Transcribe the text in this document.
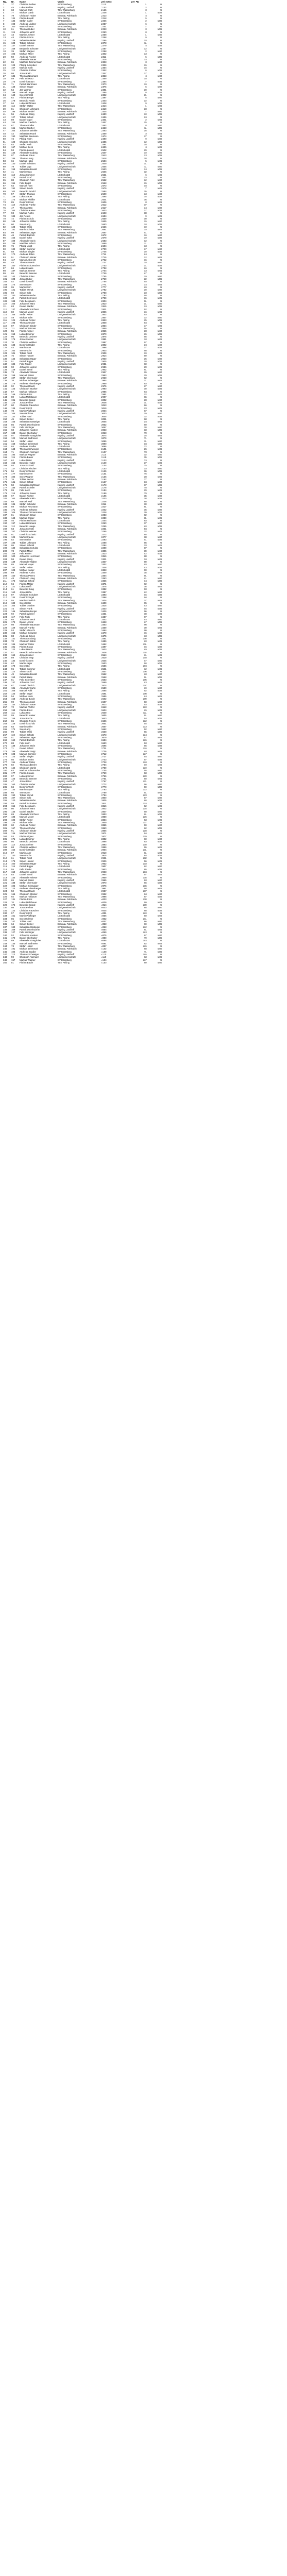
Rg.	Nr.	Name	Verein	Zeit netto	Zeit AK	
1	37	Christian Fellner	SV Ebersberg	2112	1	M
2	45	Lukas Pichler	Kapfing Lauftreff	2142	2	M
3	68	Manuel Kraft	TSV Wasserburg	2165	3	M
4	77	Michael Gaab	LG Eichstätt	2208	1	M35
5	79	Christoph Huber	Braunau Rohrbach	2213	4	M
6	134	Florian Brandl	TSV Peiting	2218	5	M
7	136	Stefan Gailer	SV Ebersberg	2226	2	M35
8	198	Andreas Lindner	Laufgemeinschaft	2237	6	M
9	100	Max Hofmann	SV Ebersberg	2241	7	M
10	61	Thomas Huber	Braunau Rohrbach	2243	3	M35
11	119	Johannes Wolf	SV Ebersberg	2250	8	M
12	43	Martin Lechner	LG Eichstätt	2258	1	M40
13	44	Florian Simon	TSV Peiting	2258	9	M
14	126	Sebastian Maier	Kapfing Lauftreff	2266	10	M
15	108	Tobias Schmid	SV Ebersberg	2273	11	M
16	147	Daniel Krämer	TSV Wasserburg	2279	4	M35
17	169	Benjamin Schuster	Laufgemeinschaft	2287	12	M
18	39	Stefan Wagner	SV Ebersberg	2298	2	M40
19	105	Michael Meier	TSV Peiting	2302	13	M
20	50	Andreas Fischer	LG Eichstätt	2311	5	M35
21	183	Alexander Bauer	SV Ebersberg	2318	14	M
22	86	Matthias Zimmermann	Braunau Rohrbach	2323	3	M40
23	123	Philipp Schreiber	TSV Wasserburg	2329	15	M
24	157	Markus Koch	Kapfing Lauftreff	2334	16	M
25	112	Christian Richter	SV Ebersberg	2342	6	M35
26	98	Jonas Klein	Laufgemeinschaft	2347	17	M
27	135	Thomas Neumann	TSV Peiting	2353	4	M40
28	59	Felix Schwarz	LG Eichstätt	2359	18	M
29	173	Dominik Braun	SV Ebersberg	2364	7	M35
30	71	Patrick Hartmann	TSV Wasserburg	2370	19	M
31	148	Simon Krüger	Braunau Rohrbach	2375	5	M40
32	54	Jan Werner	SV Ebersberg	2381	20	M
33	199	Manuel Lange	Kapfing Lauftreff	2386	8	M35
34	140	Sven Schmitt	Laufgemeinschaft	2392	21	M
35	62	Florian Berger	TSV Peiting	2397	6	M40
36	178	Benedikt Frank	SV Ebersberg	2403	22	M
37	94	Lukas Hoffmann	LG Eichstätt	2408	9	M35
38	114	Stefan Walter	TSV Wasserburg	2414	1	M45
39	81	Christoph Lehmann	SV Ebersberg	2419	23	M
40	196	Michael Seidel	Braunau Rohrbach	2425	7	M40
41	56	Andreas König	Kapfing Lauftreff	2430	10	M35
42	127	Tobias Schulz	Laufgemeinschaft	2436	24	M
43	89	Daniel Vogel	SV Ebersberg	2441	2	M45
44	152	Markus Friedrich	TSV Peiting	2447	25	M
45	67	Thomas Keller	LG Eichstätt	2452	8	M40
46	161	Martin Günther	SV Ebersberg	2458	11	M35
47	104	Johannes Winkler	TSV Wasserburg	2463	26	M
48	42	Sebastian Frank	Braunau Rohrbach	2469	3	M45
49	190	Matthias Baumann	SV Ebersberg	2474	27	M
50	74	Philipp Kühn	Kapfing Lauftreff	2480	9	M40
51	120	Christian Heinrich	Laufgemeinschaft	2485	12	M35
52	83	Stefan Roth	SV Ebersberg	2491	28	M
53	167	Michael Beck	TSV Peiting	2496	4	M45
54	53	Florian Lorenz	LG Eichstätt	2502	29	M
55	144	Alexander Ludwig	SV Ebersberg	2507	10	M40
56	97	Andreas Kraus	TSV Wasserburg	2513	13	M35
57	185	Thomas Jung	Braunau Rohrbach	2518	30	M
58	66	Markus Hahn	SV Ebersberg	2524	5	M45
59	130	Daniel Schubert	Kapfing Lauftreff	2529	31	M
60	79	Tobias Vogt	Laufgemeinschaft	2535	11	M40
61	158	Sebastian Brandt	SV Ebersberg	2540	14	M35
62	41	Martin Haas	TSV Peiting	2546	32	M
63	113	Jonas Sommer	LG Eichstätt	2551	6	M45
64	176	Patrick Graf	SV Ebersberg	2557	33	M
65	88	Christoph Pohl	TSV Wasserburg	2562	12	M40
66	151	Felix Engel	Braunau Rohrbach	2568	15	M35
67	64	Manuel Horn	SV Ebersberg	2573	34	M
68	192	Simon Busch	Kapfing Lauftreff	2579	7	M45
69	102	Benedikt Arnold	Laufgemeinschaft	2584	35	M
70	57	Stefan Thomas	SV Ebersberg	2590	13	M40
71	139	Lukas Sauer	TSV Peiting	2595	16	M35
72	172	Michael Pfeiffer	LG Eichstätt	2601	36	M
73	85	Dominik Ernst	SV Ebersberg	2606	8	M45
74	118	Andreas Franke	TSV Wasserburg	2612	37	M
75	47	Thomas Otto	Braunau Rohrbach	2617	14	M40
76	164	Christian Kaiser	SV Ebersberg	2623	17	M35
77	93	Markus Fuchs	Kapfing Lauftreff	2628	38	M
78	189	Jan Peters	Laufgemeinschaft	2634	9	M45
79	72	Florian Scholz	SV Ebersberg	2639	39	M
80	145	Johannes Möller	TSV Peiting	2645	15	M40
81	60	Sven Lang	LG Eichstätt	2650	18	M35
82	128	Tobias Weiß	SV Ebersberg	2656	40	M
83	181	Martin Schulte	TSV Wasserburg	2661	10	M45
84	99	Sebastian Jäger	Braunau Rohrbach	2667	41	M
85	46	Patrick Dietrich	SV Ebersberg	2672	16	M40
86	155	Daniel Kuhn	Kapfing Lauftreff	2678	19	M35
87	109	Alexander Stein	Laufgemeinschaft	2683	42	M
88	195	Matthias Schütz	SV Ebersberg	2689	11	M45
89	76	Philipp Voigt	TSV Peiting	2694	43	M
90	132	Stefan Sommer	LG Eichstätt	2700	17	M40
91	58	Michael Ziegler	SV Ebersberg	2705	20	M35
92	170	Andreas Böhm	TSV Wasserburg	2711	44	M
93	91	Christoph Winter	Braunau Rohrbach	2716	12	M45
94	117	Manuel Albrecht	SV Ebersberg	2722	45	M
95	48	Thomas Martin	Kapfing Lauftreff	2727	18	M40
96	160	Florian Schumacher	Laufgemeinschaft	2733	21	M35
97	84	Lukas Krause	SV Ebersberg	2738	46	M
98	187	Markus Zimmer	TSV Peiting	2744	13	M45
99	65	Benedikt Brenner	LG Eichstätt	2749	47	M
100	142	Christian Ritter	SV Ebersberg	2755	19	M40
101	103	Jonas Huber	TSV Wasserburg	2760	22	M35
102	52	Dominik Wolff	Braunau Rohrbach	2766	48	M
103	174	Sven Mayer	SV Ebersberg	2771	14	M45
104	95	Martin Kern	Kapfing Lauftreff	2777	49	M
105	121	Tobias Wendt	Laufgemeinschaft	2782	20	M40
106	69	Simon Kolb	SV Ebersberg	2788	23	M35
107	150	Sebastian Hofer	TSV Peiting	2793	50	M
108	40	Patrick Schreiner	LG Eichstätt	2799	15	M45
109	188	Felix Bergmann	SV Ebersberg	2804	51	M
110	106	Johannes Marx	TSV Wasserburg	2810	21	M40
111	63	Daniel Stadler	Braunau Rohrbach	2815	24	M35
112	137	Alexander Kirchner	SV Ebersberg	2821	52	M
113	82	Manuel Moser	Kapfing Lauftreff	2826	16	M45
114	166	Stefan Reiter	Laufgemeinschaft	2832	53	M
115	49	Michael Eder	SV Ebersberg	2837	22	M40
116	124	Andreas Pichler	TSV Peiting	2843	25	M35
117	193	Thomas Gruber	LG Eichstätt	2848	54	M
118	87	Christoph Binder	SV Ebersberg	2854	17	M45
119	111	Markus Wimmer	TSV Wasserburg	2859	55	M
120	55	Florian Aigner	Braunau Rohrbach	2865	23	M40
121	153	Lukas Brunner	SV Ebersberg	2870	26	M35
122	96	Benedikt Lechner	Kapfing Lauftreff	2876	56	M
123	179	Jonas Steiner	Laufgemeinschaft	2881	18	M45
124	70	Christian Wallner	SV Ebersberg	2887	57	M
125	133	Dominik Haider	TSV Peiting	2892	24	M40
126	44	Martin Auer	LG Eichstätt	2898	27	M35
127	162	Sven Fuchs	SV Ebersberg	2903	58	M
128	101	Tobias Riedl	TSV Wasserburg	2909	19	M45
129	75	Simon Hauser	Braunau Rohrbach	2914	59	M
130	146	Sebastian Hager	SV Ebersberg	2920	25	M40
131	51	Patrick Egger	Kapfing Lauftreff	2925	28	M35
132	184	Felix Rieder	Laufgemeinschaft	2931	60	M
133	90	Johannes Leitner	SV Ebersberg	2936	20	M45
134	129	Daniel Strobl	TSV Peiting	2942	61	M
135	73	Alexander Wieser	LG Eichstätt	2947	26	M40
136	159	Manuel Kaiser	SV Ebersberg	2953	29	M35
137	107	Stefan Obermaier	TSV Wasserburg	2958	62	M
138	38	Michael Schwaiger	Braunau Rohrbach	2964	21	M45
139	175	Andreas Hinterberger	SV Ebersberg	2969	63	M
140	92	Thomas Rauch	Kapfing Lauftreff	2975	27	M40
141	125	Christoph Stocker	Laufgemeinschaft	2980	30	M35
142	57	Markus Hofbauer	SV Ebersberg	2986	64	M
143	149	Florian Prinz	TSV Peiting	2991	22	M45
144	80	Lukas Mühlbauer	LG Eichstätt	2997	65	M
145	191	Benedikt Spiegl	SV Ebersberg	3002	28	M40
146	116	Jonas Fellner	TSV Wasserburg	3008	31	M35
147	60	Christian Rauscher	Braunau Rohrbach	3013	66	M
148	138	Dominik Ertl	SV Ebersberg	3019	23	M45
149	78	Martin Pfaffinger	Kapfing Lauftreff	3024	67	M
150	165	Sven Holzner	Laufgemeinschaft	3030	29	M40
151	110	Tobias Hartl	SV Ebersberg	3035	32	M35
152	45	Simon Bichler	TSV Peiting	3041	68	M
153	156	Sebastian Gasteiger	LG Eichstätt	3046	24	M45
154	86	Patrick Unterholzner	SV Ebersberg	3052	69	M
155	131	Felix Lindinger	TSV Wasserburg	3057	30	M40
156	68	Johannes Kastner	Braunau Rohrbach	3063	33	M35
157	180	Daniel Oberhuber	SV Ebersberg	3068	70	M
158	97	Alexander Ganghofer	Kapfing Lauftreff	3074	25	M45
159	122	Manuel Sedlmeier	Laufgemeinschaft	3079	71	M
160	54	Stefan Huber	SV Ebersberg	3085	31	M40
161	168	Michael Zehetmair	TSV Peiting	3090	34	M35
162	84	Andreas Straßer	LG Eichstätt	3096	72	M
163	143	Thomas Schweiger	SV Ebersberg	3101	26	M45
164	71	Christoph Anzinger	TSV Wasserburg	3107	73	M
165	194	Markus Wagner	Braunau Rohrbach	3112	32	M40
166	115	Florian Bauer	SV Ebersberg	3118	35	M35
167	62	Lukas Maier	Kapfing Lauftreff	3123	74	M
168	154	Benedikt Huber	Laufgemeinschaft	3129	27	M45
169	93	Jonas Schmid	SV Ebersberg	3134	75	M
170	127	Christian Fischer	TSV Peiting	3140	33	M40
171	56	Dominik Weber	LG Eichstätt	3145	36	M35
172	177	Martin Meyer	SV Ebersberg	3151	76	M
173	102	Sven Wagner	TSV Wasserburg	3156	28	M45
174	76	Tobias Becker	Braunau Rohrbach	3162	77	M
175	141	Simon Schulz	SV Ebersberg	3167	34	M40
176	50	Sebastian Hoffmann	Kapfing Lauftreff	3173	37	M35
177	186	Patrick Schäfer	Laufgemeinschaft	3178	78	M
178	99	Felix Koch	SV Ebersberg	3184	29	M45
179	118	Johannes Bauer	TSV Peiting	3189	79	M
180	67	Daniel Richter	LG Eichstätt	3195	35	M40
181	163	Alexander Klein	SV Ebersberg	3200	38	M35
182	88	Manuel Wolf	TSV Wasserburg	3206	80	M
183	135	Stefan Schröder	Braunau Rohrbach	3211	30	M45
184	59	Michael Neumann	SV Ebersberg	3217	81	M
185	171	Andreas Schwarz	Kapfing Lauftreff	3222	36	M40
186	105	Thomas Zimmermann	Laufgemeinschaft	3228	39	M35
187	81	Christoph Braun	SV Ebersberg	3233	82	M
188	148	Markus Krüger	TSV Peiting	3239	31	M45
189	46	Florian Hofmann	LG Eichstätt	3244	83	M
190	197	Lukas Hartmann	SV Ebersberg	3250	37	M40
191	112	Benedikt Lange	TSV Wasserburg	3255	40	M35
192	63	Jonas Schmitt	Braunau Rohrbach	3261	84	M
193	157	Christian Werner	SV Ebersberg	3266	32	M45
194	91	Dominik Schmitz	Kapfing Lauftreff	3272	85	M
195	124	Martin Krause	Laufgemeinschaft	3277	38	M40
196	52	Sven Meier	SV Ebersberg	3283	41	M35
197	182	Tobias Lehmann	TSV Peiting	3288	86	M
198	95	Simon Schmid	LG Eichstätt	3294	33	M45
199	130	Sebastian Schulze	SV Ebersberg	3299	87	M
200	73	Patrick Maier	TSV Wasserburg	3305	39	M40
201	166	Felix Köhler	Braunau Rohrbach	3310	42	M35
202	100	Johannes Herrmann	SV Ebersberg	3316	88	M
203	58	Daniel König	Kapfing Lauftreff	3321	34	M45
204	139	Alexander Walter	Laufgemeinschaft	3327	89	M
205	85	Manuel Mayer	SV Ebersberg	3332	40	M40
206	187	Stefan Huber	TSV Peiting	3338	43	M35
207	108	Michael Kaiser	LG Eichstätt	3343	90	M
208	69	Andreas Fuchs	SV Ebersberg	3349	35	M45
209	150	Thomas Peters	TSV Wasserburg	3354	91	M
210	48	Christoph Lang	Braunau Rohrbach	3360	41	M40
211	176	Markus Scholz	SV Ebersberg	3365	44	M35
212	94	Florian Möller	Kapfing Lauftreff	3371	92	M
213	121	Lukas Weiß	Laufgemeinschaft	3376	36	M45
214	61	Benedikt Jung	SV Ebersberg	3382	93	M
215	160	Jonas Hahn	TSV Peiting	3387	42	M40
216	87	Christian Schubert	LG Eichstätt	3393	45	M35
217	134	Dominik Vogel	SV Ebersberg	3398	94	M
218	55	Martin Friedrich	TSV Wasserburg	3404	37	M45
219	189	Sven Keller	Braunau Rohrbach	3409	95	M
220	104	Tobias Günther	SV Ebersberg	3415	43	M40
221	74	Simon Frank	Kapfing Lauftreff	3420	46	M35
222	146	Sebastian Berger	Laufgemeinschaft	3426	96	M
223	92	Patrick Winkler	SV Ebersberg	3431	38	M45
224	117	Felix Roth	TSV Peiting	3437	97	M
225	65	Johannes Beck	LG Eichstätt	3442	44	M40
226	172	Daniel Lorenz	SV Ebersberg	3448	47	M35
227	98	Alexander Baumann	TSV Wasserburg	3453	98	M
228	129	Manuel Franke	Braunau Rohrbach	3459	39	M45
229	53	Stefan Albrecht	SV Ebersberg	3464	99	M
230	155	Michael Schuster	Kapfing Lauftreff	3470	45	M40
231	83	Andreas Simon	Laufgemeinschaft	3475	48	M35
232	141	Thomas Ludwig	SV Ebersberg	3481	100	M
233	70	Christoph Böhm	TSV Peiting	3486	40	M45
234	185	Markus Winter	LG Eichstätt	3492	101	M
235	101	Florian Kraus	SV Ebersberg	3497	46	M40
236	122	Lukas Martin	TSV Wasserburg	3503	49	M35
237	57	Benedikt Schumacher	Braunau Rohrbach	3508	102	M
238	164	Jonas Krämer	SV Ebersberg	3514	41	M45
239	89	Christian Vogt	Kapfing Lauftreff	3519	103	M
240	132	Dominik Stein	Laufgemeinschaft	3525	47	M40
241	62	Martin Jäger	SV Ebersberg	3530	50	M35
242	178	Sven Otto	TSV Peiting	3536	104	M
243	96	Tobias Sommer	LG Eichstätt	3541	42	M45
244	115	Simon Groß	SV Ebersberg	3547	105	M
245	49	Sebastian Brandt	TSV Wasserburg	3552	48	M40
246	153	Patrick Haas	Braunau Rohrbach	3558	51	M35
247	81	Felix Schreiber	SV Ebersberg	3563	106	M
248	137	Johannes Graf	Kapfing Lauftreff	3569	43	M45
249	67	Daniel Dietrich	Laufgemeinschaft	3574	107	M
250	181	Alexander Kuhn	SV Ebersberg	3580	49	M40
251	106	Manuel Pohl	TSV Peiting	3585	52	M35
252	125	Stefan Engel	LG Eichstätt	3591	108	M
253	54	Michael Horn	SV Ebersberg	3596	44	M45
254	168	Andreas Busch	TSV Wasserburg	3602	109	M
255	90	Thomas Arnold	Braunau Rohrbach	3607	50	M40
256	144	Christoph Sauer	SV Ebersberg	3613	53	M35
257	72	Markus Pfeiffer	Kapfing Lauftreff	3618	110	M
258	193	Florian Ernst	Laufgemeinschaft	3624	45	M45
259	111	Lukas Otto	SV Ebersberg	3629	111	M
260	59	Benedikt Kaiser	TSV Peiting	3635	51	M40
261	158	Jonas Fuchs	LG Eichstätt	3640	54	M35
262	86	Christian Peters	SV Ebersberg	3646	112	M
263	128	Dominik Scholz	TSV Wasserburg	3651	46	M45
264	64	Martin Möller	Braunau Rohrbach	3657	113	M
265	174	Sven Lang	SV Ebersberg	3662	52	M40
266	99	Tobias Weiß	Kapfing Lauftreff	3668	55	M35
267	119	Simon Schulte	Laufgemeinschaft	3673	114	M
268	51	Sebastian Jäger	SV Ebersberg	3679	47	M45
269	162	Patrick Dietrich	TSV Peiting	3684	115	M
270	88	Felix Kuhn	LG Eichstätt	3690	53	M40
271	138	Johannes Stein	SV Ebersberg	3695	56	M35
272	71	Daniel Schütz	TSV Wasserburg	3701	116	M
273	186	Alexander Voigt	Braunau Rohrbach	3706	48	M45
274	103	Manuel Sommer	SV Ebersberg	3712	117	M
275	123	Stefan Ziegler	Kapfing Lauftreff	3717	54	M40
276	56	Michael Böhm	Laufgemeinschaft	3723	57	M35
277	151	Andreas Winter	SV Ebersberg	3728	118	M
278	82	Thomas Albrecht	TSV Peiting	3734	49	M45
279	142	Christoph Martin	LG Eichstätt	3739	119	M
280	63	Markus Schumacher	SV Ebersberg	3745	55	M40
281	177	Florian Krause	TSV Wasserburg	3750	58	M35
282	97	Lukas Zimmer	Braunau Rohrbach	3756	120	M
283	126	Benedikt Brenner	SV Ebersberg	3761	50	M45
284	47	Jonas Ritter	Kapfing Lauftreff	3767	121	M
285	163	Christian Huber	Laufgemeinschaft	3772	56	M40
286	84	Dominik Wolff	SV Ebersberg	3778	59	M35
287	133	Martin Mayer	TSV Peiting	3783	122	M
288	66	Sven Kern	LG Eichstätt	3789	51	M45
289	190	Tobias Wendt	SV Ebersberg	3794	123	M
290	107	Simon Kolb	TSV Wasserburg	3800	57	M40
291	120	Sebastian Hofer	Braunau Rohrbach	3805	60	M35
292	58	Patrick Schreiner	SV Ebersberg	3811	124	M
293	156	Felix Bergmann	Kapfing Lauftreff	3816	52	M45
294	80	Johannes Marx	Laufgemeinschaft	3822	125	M
295	145	Daniel Stadler	SV Ebersberg	3827	58	M40
296	69	Alexander Kirchner	TSV Peiting	3833	61	M35
297	183	Manuel Moser	LG Eichstätt	3838	126	M
298	102	Stefan Reiter	SV Ebersberg	3844	53	M45
299	116	Michael Eder	TSV Wasserburg	3849	127	M
300	60	Andreas Pichler	Braunau Rohrbach	3855	59	M40
301	167	Thomas Gruber	SV Ebersberg	3860	62	M35
302	91	Christoph Binder	Kapfing Lauftreff	3866	128	M
303	136	Markus Wimmer	Laufgemeinschaft	3871	54	M45
304	53	Florian Aigner	SV Ebersberg	3877	129	M
305	171	Lukas Brunner	TSV Peiting	3882	60	M40
306	95	Benedikt Lechner	LG Eichstätt	3888	63	M35
307	114	Jonas Steiner	SV Ebersberg	3893	130	M
308	68	Christian Wallner	TSV Wasserburg	3899	55	M45
309	152	Dominik Haider	Braunau Rohrbach	3904	131	M
310	87	Martin Auer	SV Ebersberg	3910	61	M40
311	140	Sven Fuchs	Kapfing Lauftreff	3915	64	M35
312	61	Tobias Riedl	Laufgemeinschaft	3921	132	M
313	179	Simon Hauser	SV Ebersberg	3926	56	M45
314	100	Sebastian Hager	TSV Peiting	3932	133	M
315	118	Patrick Egger	LG Eichstätt	3937	62	M40
316	55	Felix Rieder	SV Ebersberg	3943	65	M35
317	159	Johannes Leitner	TSV Wasserburg	3948	134	M
318	83	Daniel Strobl	Braunau Rohrbach	3954	57	M45
319	143	Alexander Wieser	SV Ebersberg	3959	135	M
320	65	Manuel Kaiser	Kapfing Lauftreff	3965	63	M40
321	188	Stefan Obermaier	Laufgemeinschaft	3970	66	M35
322	105	Michael Schwaiger	SV Ebersberg	3976	136	M
323	124	Andreas Hinterberger	TSV Peiting	3981	58	M45
324	50	Thomas Rauch	LG Eichstätt	3987	137	M
325	165	Christoph Stocker	SV Ebersberg	3992	64	M40
326	92	Markus Hofbauer	TSV Wasserburg	3998	67	M35
327	131	Florian Prinz	Braunau Rohrbach	4003	138	M
328	70	Lukas Mühlbauer	SV Ebersberg	4009	59	M45
329	175	Benedikt Spiegl	Kapfing Lauftreff	4014	139	M
330	98	Jonas Fellner	Laufgemeinschaft	4020	65	M40
331	122	Christian Rauscher	SV Ebersberg	4025	68	M35
332	57	Dominik Ertl	TSV Peiting	4031	140	M
333	161	Martin Pfaffinger	LG Eichstätt	4036	60	M45
334	85	Sven Holzner	SV Ebersberg	4042	141	M
335	147	Tobias Hartl	TSV Wasserburg	4047	66	M40
336	64	Simon Bichler	Braunau Rohrbach	4053	69	M35
337	180	Sebastian Gasteiger	SV Ebersberg	4058	142	M
338	109	Patrick Unterholzner	Kapfing Lauftreff	4064	61	M45
339	127	Felix Lindinger	Laufgemeinschaft	4069	143	M
340	52	Johannes Kastner	SV Ebersberg	4075	67	M40
341	170	Daniel Oberhuber	TSV Peiting	4080	70	M35
342	89	Alexander Ganghofer	LG Eichstätt	4086	144	M
343	135	Manuel Sedlmeier	SV Ebersberg	4091	62	M45
344	73	Stefan Huber	TSV Wasserburg	4097	145	M
345	191	Michael Zehetmair	Braunau Rohrbach	4102	68	M40
346	104	Andreas Straßer	SV Ebersberg	4108	71	M35
347	113	Thomas Schweiger	Kapfing Lauftreff	4113	146	M
348	59	Christoph Anzinger	Laufgemeinschaft	4119	63	M45
349	157	Markus Wagner	SV Ebersberg	4124	147	M
350	81	Florian Bauer	TSV Peiting	4130	69	M40
